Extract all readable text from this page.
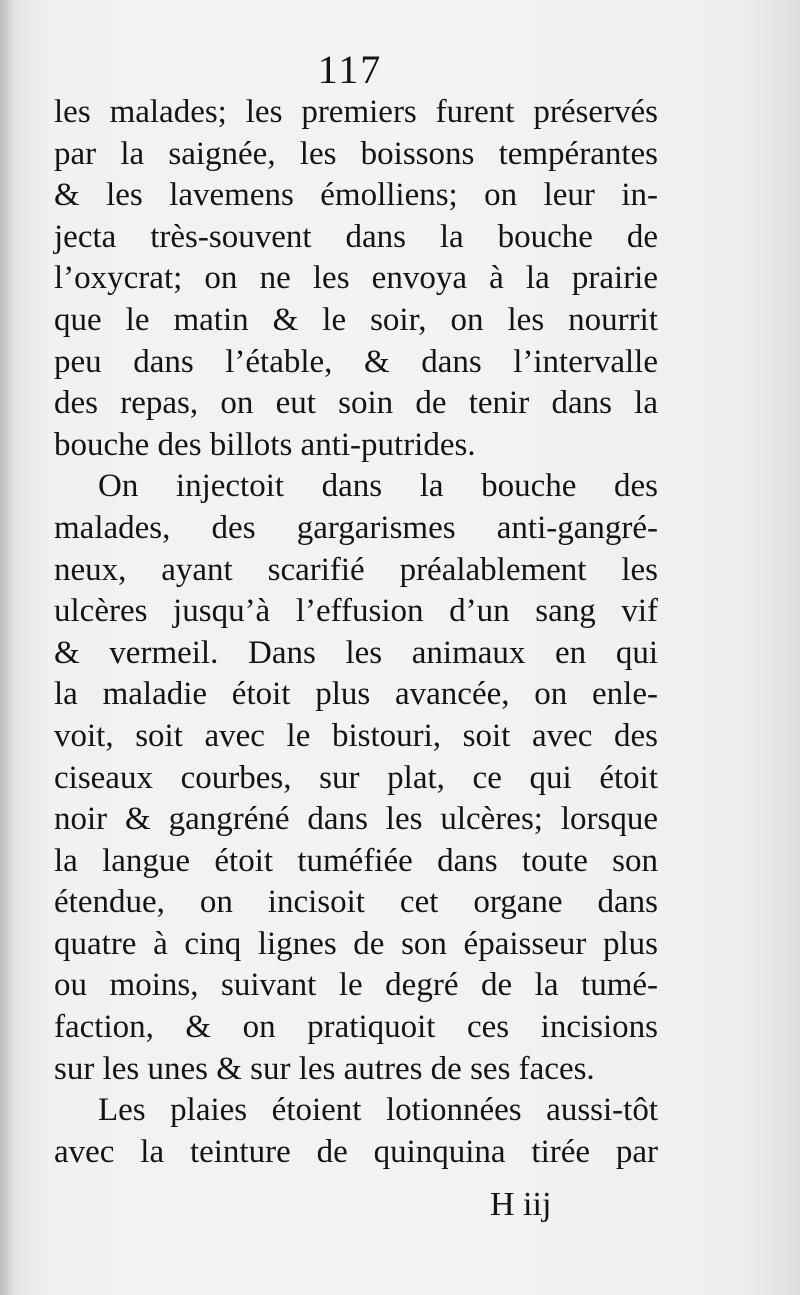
117
les malades; les premiers furent préservés
par la saignée, les boissons tempérantes
& les lavemens émolliens; on leur in-
jecta très-souvent dans la bouche de
l’oxycrat; on ne les envoya à la prairie
que le matin & le soir, on les nourrit
peu dans l’étable, & dans l’intervalle
des repas, on eut soin de tenir dans la
bouche des billots anti-putrides.
On injectoit dans la bouche des
malades, des gargarismes anti-gangré-
neux, ayant scarifié préalablement les
ulcères jusqu’à l’effusion d’un sang vif
& vermeil. Dans les animaux en qui
la maladie étoit plus avancée, on enle-
voit, soit avec le bistouri, soit avec des
ciseaux courbes, sur plat, ce qui étoit
noir & gangréné dans les ulcères; lorsque
la langue étoit tuméfiée dans toute son
étendue, on incisoit cet organe dans
quatre à cinq lignes de son épaisseur plus
ou moins, suivant le degré de la tumé-
faction, & on pratiquoit ces incisions
sur les unes & sur les autres de ses faces.
Les plaies étoient lotionnées aussi-tôt
avec la teinture de quinquina tirée par
H iij
